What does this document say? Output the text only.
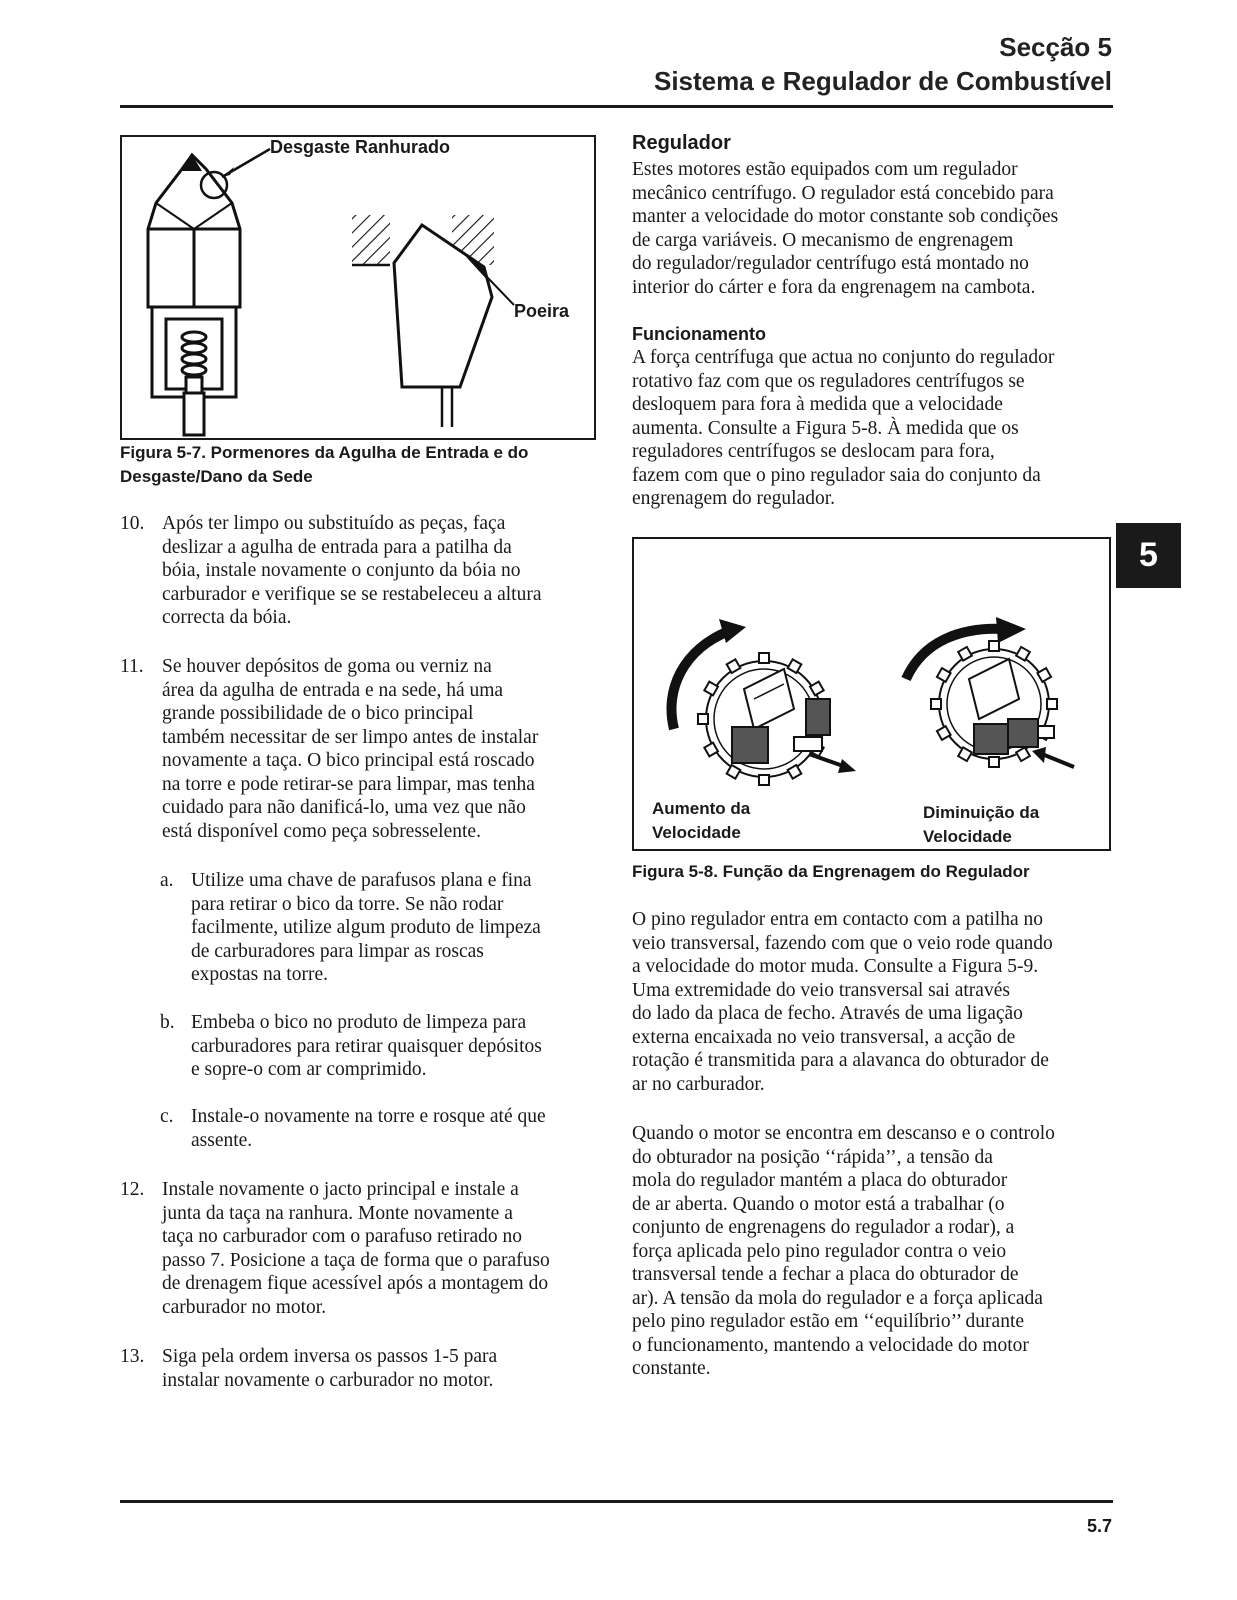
Secção 5
Sistema e Regulador de Combustível
5
Desgaste Ranhurado
Poeira
Figura 5-7. Pormenores da Agulha de Entrada e do
Desgaste/Dano da Sede
10. Após ter limpo ou substituído as peças, faça
deslizar a agulha de entrada para a patilha da
bóia, instale novamente o conjunto da bóia no
carburador e verifique se se restabeleceu a altura
correcta da bóia.
11. Se houver depósitos de goma ou verniz na
área da agulha de entrada e na sede, há uma
grande possibilidade de o bico principal
também necessitar de ser limpo antes de instalar
novamente a taça. O bico principal está roscado
na torre e pode retirar-se para limpar, mas tenha
cuidado para não danificá-lo, uma vez que não
está disponível como peça sobresselente.
a. Utilize uma chave de parafusos plana e fina
para retirar o bico da torre. Se não rodar
facilmente, utilize algum produto de limpeza
de carburadores para limpar as roscas
expostas na torre.
b. Embeba o bico no produto de limpeza para
carburadores para retirar quaisquer depósitos
e sopre-o com ar comprimido.
c. Instale-o novamente na torre e rosque até que
assente.
12. Instale novamente o jacto principal e instale a
junta da taça na ranhura. Monte novamente a
taça no carburador com o parafuso retirado no
passo 7. Posicione a taça de forma que o parafuso
de drenagem fique acessível após a montagem do
carburador no motor.
13. Siga pela ordem inversa os passos 1-5 para
instalar novamente o carburador no motor.
Regulador
Estes motores estão equipados com um regulador
mecânico centrífugo. O regulador está concebido para
manter a velocidade do motor constante sob condições
de carga variáveis. O mecanismo de engrenagem
do regulador/regulador centrífugo está montado no
interior do cárter e fora da engrenagem na cambota.
Funcionamento
A força centrífuga que actua no conjunto do regulador
rotativo faz com que os reguladores centrífugos se
desloquem para fora à medida que a velocidade
aumenta. Consulte a Figura 5-8. À medida que os
reguladores centrífugos se deslocam para fora,
fazem com que o pino regulador saia do conjunto da
engrenagem do regulador.
Aumento da
Velocidade
Diminuição da
Velocidade
Figura 5-8. Função da Engrenagem do Regulador
O pino regulador entra em contacto com a patilha no
veio transversal, fazendo com que o veio rode quando
a velocidade do motor muda. Consulte a Figura 5-9.
Uma extremidade do veio transversal sai através
do lado da placa de fecho. Através de uma ligação
externa encaixada no veio transversal, a acção de
rotação é transmitida para a alavanca do obturador de
ar no carburador.
Quando o motor se encontra em descanso e o controlo
do obturador na posição ‘‘rápida’’, a tensão da
mola do regulador mantém a placa do obturador
de ar aberta. Quando o motor está a trabalhar (o
conjunto de engrenagens do regulador a rodar), a
força aplicada pelo pino regulador contra o veio
transversal tende a fechar a placa do obturador de
ar). A tensão da mola do regulador e a força aplicada
pelo pino regulador estão em ‘‘equilíbrio’’ durante
o funcionamento, mantendo a velocidade do motor
constante.
5.7
